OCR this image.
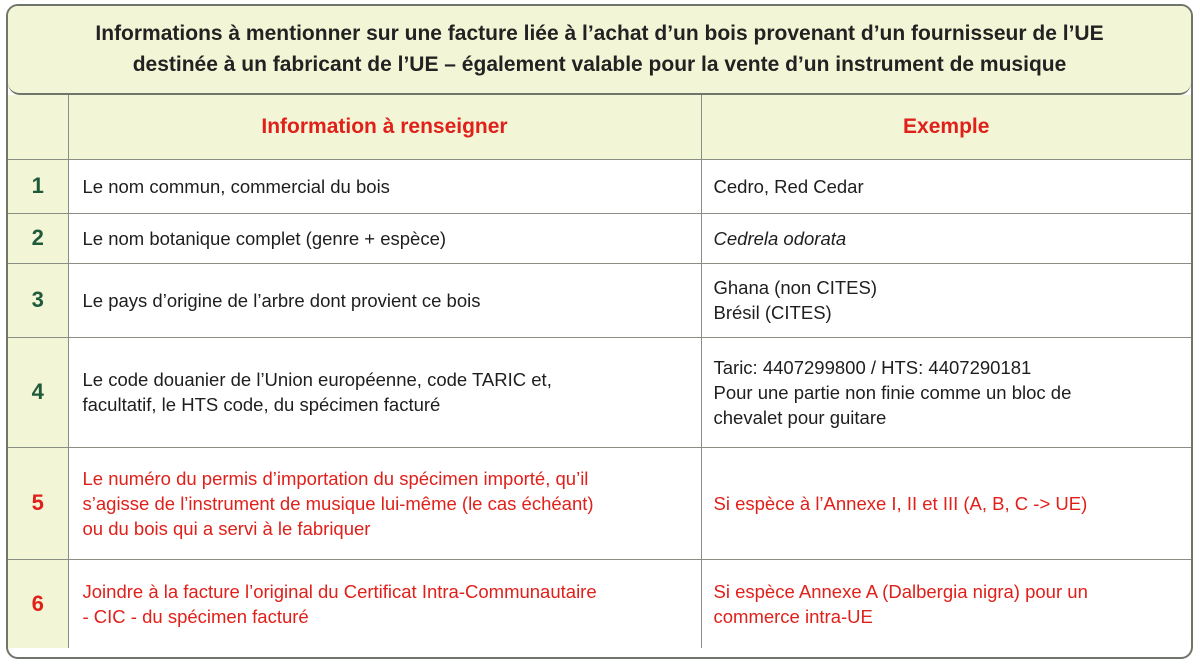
Informations à mentionner sur une facture liée à l’achat d’un bois provenant d’un fournisseur de l’UE
destinée à un fabricant de l’UE – également valable pour la vente d’un instrument de musique
	Information à renseigner	Exemple
1	Le nom commun, commercial du bois	Cedro, Red Cedar

2	Le nom botanique complet (genre + espèce)	Cedrela odorata

3	Le pays d’origine de l’arbre dont provient ce bois	Ghana (non CITES)
Brésil (CITES)

4	Le code douanier de l’Union européenne, code TARIC et,
facultatif, le HTS code, du spécimen facturé	Taric: 4407299800 / HTS: 4407290181
Pour une partie non finie comme un bloc de
chevalet pour guitare

5	Le numéro du permis d’importation du spécimen importé, qu’il
s’agisse de l’instrument de musique lui-même (le cas échéant)
ou du bois qui a servi à le fabriquer	Si espèce à l’Annexe I, II et III (A, B, C -> UE)

6	Joindre à la facture l’original du Certificat Intra-Communautaire
- CIC - du spécimen facturé	Si espèce Annexe A (Dalbergia nigra) pour un
commerce intra-UE
